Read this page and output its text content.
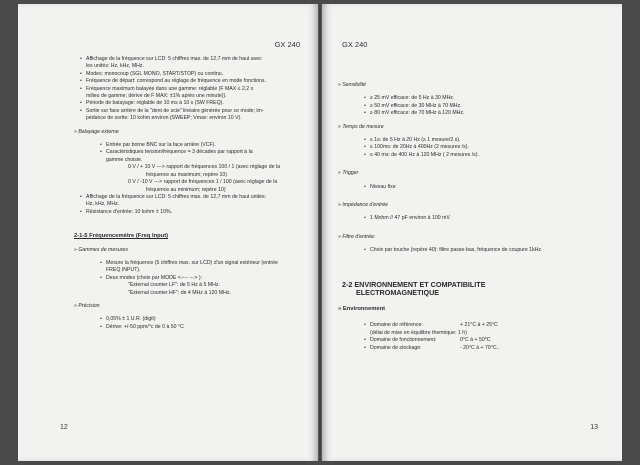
GX 240

• Affichage de la fréquence sur LCD: 5 chiffres max. de 12,7 mm de haut avec
les unités: Hz, kHz, MHz.

• Modes: monocoup (SGL MONO, START/STOP) ou continu.

• Fréquence de départ: correspond au réglage de fréquence en mode fonctions.

• Fréquence maximum balayée dans une gamme: réglable (F MAX ≤ 2,2 x
milieu de gamme; dérive de F MAX: ±1% après une minute)).

• Période de balayage: réglable de 10 ms à 10 s (SW FREQ).

• Sortie sur face arrière de la "dent de scie" linéaire générée pour ce mode; im-
pédance de sortie: 10 kohm environ (SWEEP; Vmax: environ 10 V).

» Balayage externe

• Entrée par borne BNC sur la face arrière (VCF).

• Caractéristiques tension/fréquence = 3 décades par rapport à la
gamme choisie.

0 V / + 10 V ---> rapport de fréquences 100 / 1 (avec réglage de la

fréquence au maximum; repère 10)

0 V / -10 V ---> rapport de fréquences 1 / 100 (avec réglage de la

fréquence au minimum; repère 10)

• Affichage de la fréquence sur LCD: 5 chiffres max. de 12,7 mm de haut unités:
Hz, kHz, MHz.

• Résistance d'entrée: 10 kohm ± 10%.

2-1-5 Fréquencemètre (Freq Input)
» Gammes de mesures

• Mesure la fréquence (5 chiffres max. sur LCD) d'un signal extérieur (entrée
FREQ INPUT).

• Deux modes (choix par MODE <---- ---> ):

"External counter LF": de 5 Hz à 5 MHz.

"External counter HF": de 4 MHz à 120 MHz.

» Précision

• 0,05% ± 1 U.R. (digit)

• Dérive: +/-50 ppm/°c de 0 à 50 °C

12
GX 240
» Sensibilité

• ≥ 25 mV efficace: de 5 Hz à 30 MHz.

• ≥ 50 mV efficace: de 30 MHz à 70 MHz.

• ≥ 80 mV efficace: de 70 MHz à 120 MHz.

» Temps de mesure

• ≤ 1s: de 5 Hz à 20 Hz (≥ 1 mesure/2 s).

• ≤ 100ms: de 20Hz à 400Hz (2 mesures /s).

• ≤ 40 ms: de 400 Hz à 120 MHz ( 2 mesures /s).

» Trigger

• Niveau fixe

» Impédance d'entrée

• 1 Mohm // 47 pF environ à 100 mV.

» Filtre d'entrée:

• Choix par touche (repère 40): filtre passe-bas, fréquence de coupure 1kHz

2-2 ENVIRONNEMENT ET COMPATIBILITE
ELECTROMAGNETIQUE
» Environnement

• Domaine de référence:	+ 21°C à + 25°C

(délai de mise en équilibre thermique: 1 h)

• Domaine de fonctionnement:	0°C à + 50°C

• Domaine de stockage:	- 20°C à + 70°C..

13
